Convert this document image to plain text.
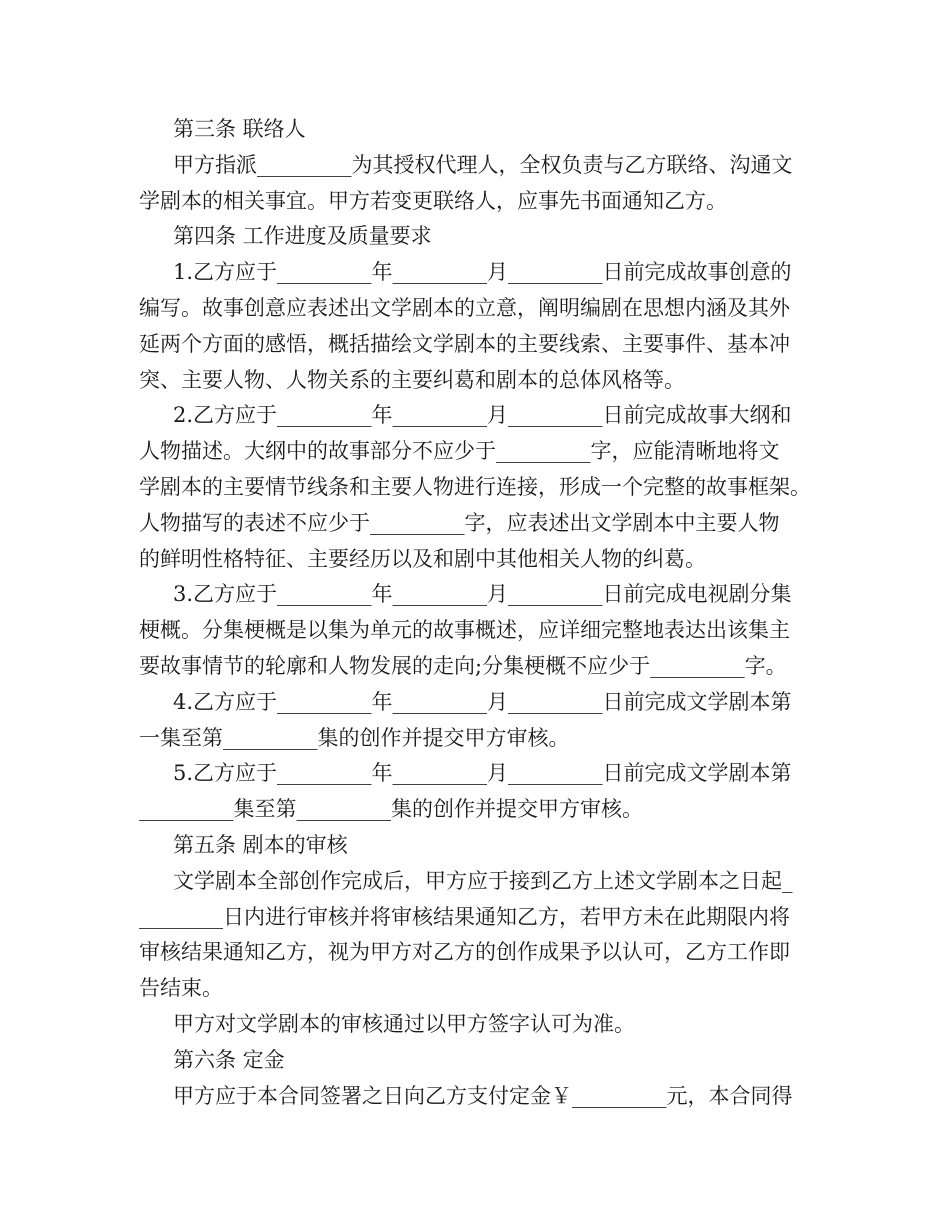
第三条 联络人
甲方指派_________为其授权代理人，全权负责与乙方联络、沟通文
学剧本的相关事宜。甲方若变更联络人，应事先书面通知乙方。
第四条 工作进度及质量要求
1.乙方应于_________年_________月_________日前完成故事创意的
编写。故事创意应表述出文学剧本的立意，阐明编剧在思想内涵及其外
延两个方面的感悟，概括描绘文学剧本的主要线索、主要事件、基本冲
突、主要人物、人物关系的主要纠葛和剧本的总体风格等。
2.乙方应于_________年_________月_________日前完成故事大纲和
人物描述。大纲中的故事部分不应少于_________字，应能清晰地将文
学剧本的主要情节线条和主要人物进行连接，形成一个完整的故事框架。
人物描写的表述不应少于_________字，应表述出文学剧本中主要人物
的鲜明性格特征、主要经历以及和剧中其他相关人物的纠葛。
3.乙方应于_________年_________月_________日前完成电视剧分集
梗概。分集梗概是以集为单元的故事概述，应详细完整地表达出该集主
要故事情节的轮廓和人物发展的走向;分集梗概不应少于_________字。
4.乙方应于_________年_________月_________日前完成文学剧本第
一集至第_________集的创作并提交甲方审核。
5.乙方应于_________年_________月_________日前完成文学剧本第
_________集至第_________集的创作并提交甲方审核。
第五条 剧本的审核
文学剧本全部创作完成后，甲方应于接到乙方上述文学剧本之日起_
________日内进行审核并将审核结果通知乙方，若甲方未在此期限内将
审核结果通知乙方，视为甲方对乙方的创作成果予以认可，乙方工作即
告结束。
甲方对文学剧本的审核通过以甲方签字认可为准。
第六条 定金
甲方应于本合同签署之日向乙方支付定金￥_________元，本合同得
